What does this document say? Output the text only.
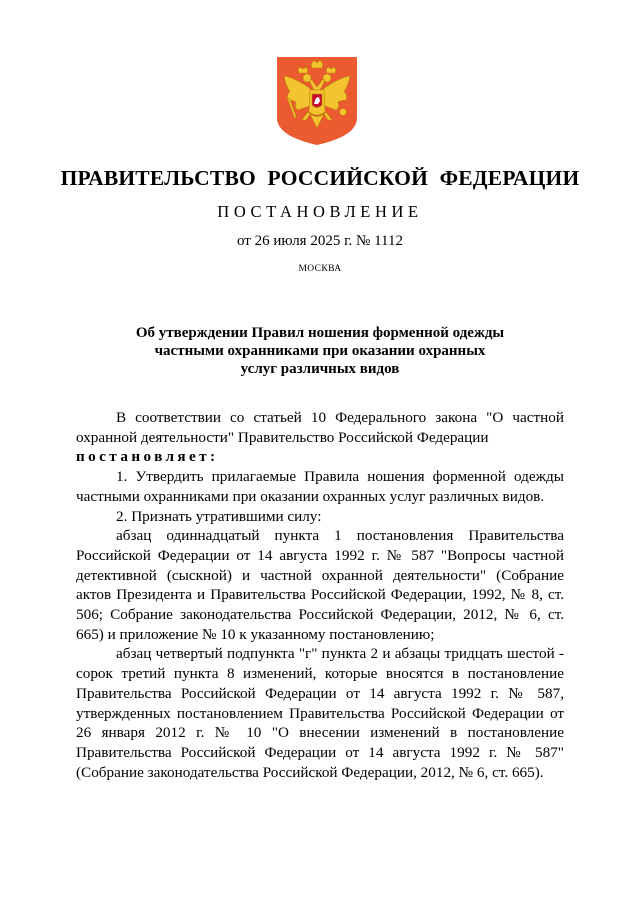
ПРАВИТЕЛЬСТВО РОССИЙСКОЙ ФЕДЕРАЦИИ
ПОСТАНОВЛЕНИЕ
от 26 июля 2025 г. № 1112
МОСКВА
Об утверждении Правил ношения форменной одежды
частными охранниками при оказании охранных
услуг различных видов

В соответствии со статьей 10 Федерального закона "О частной охранной деятельности" Правительство Российской Федерации

постановляет:

1. Утвердить прилагаемые Правила ношения форменной одежды частными охранниками при оказании охранных услуг различных видов.

2. Признать утратившими силу:

абзац одиннадцатый пункта 1 постановления Правительства Российской Федерации от 14 августа 1992 г. № 587 "Вопросы частной детективной (сыскной) и частной охранной деятельности" (Собрание актов Президента и Правительства Российской Федерации, 1992, № 8, ст. 506; Собрание законодательства Российской Федерации, 2012, № 6, ст. 665) и приложение № 10 к указанному постановлению;

абзац четвертый подпункта "г" пункта 2 и абзацы тридцать шестой - сорок третий пункта 8 изменений, которые вносятся в постановление Правительства Российской Федерации от 14 августа 1992 г. № 587, утвержденных постановлением Правительства Российской Федерации от 26 января 2012 г. № 10 "О внесении изменений в постановление Правительства Российской Федерации от 14 августа 1992 г. № 587" (Собрание законодательства Российской Федерации, 2012, № 6, ст. 665).
